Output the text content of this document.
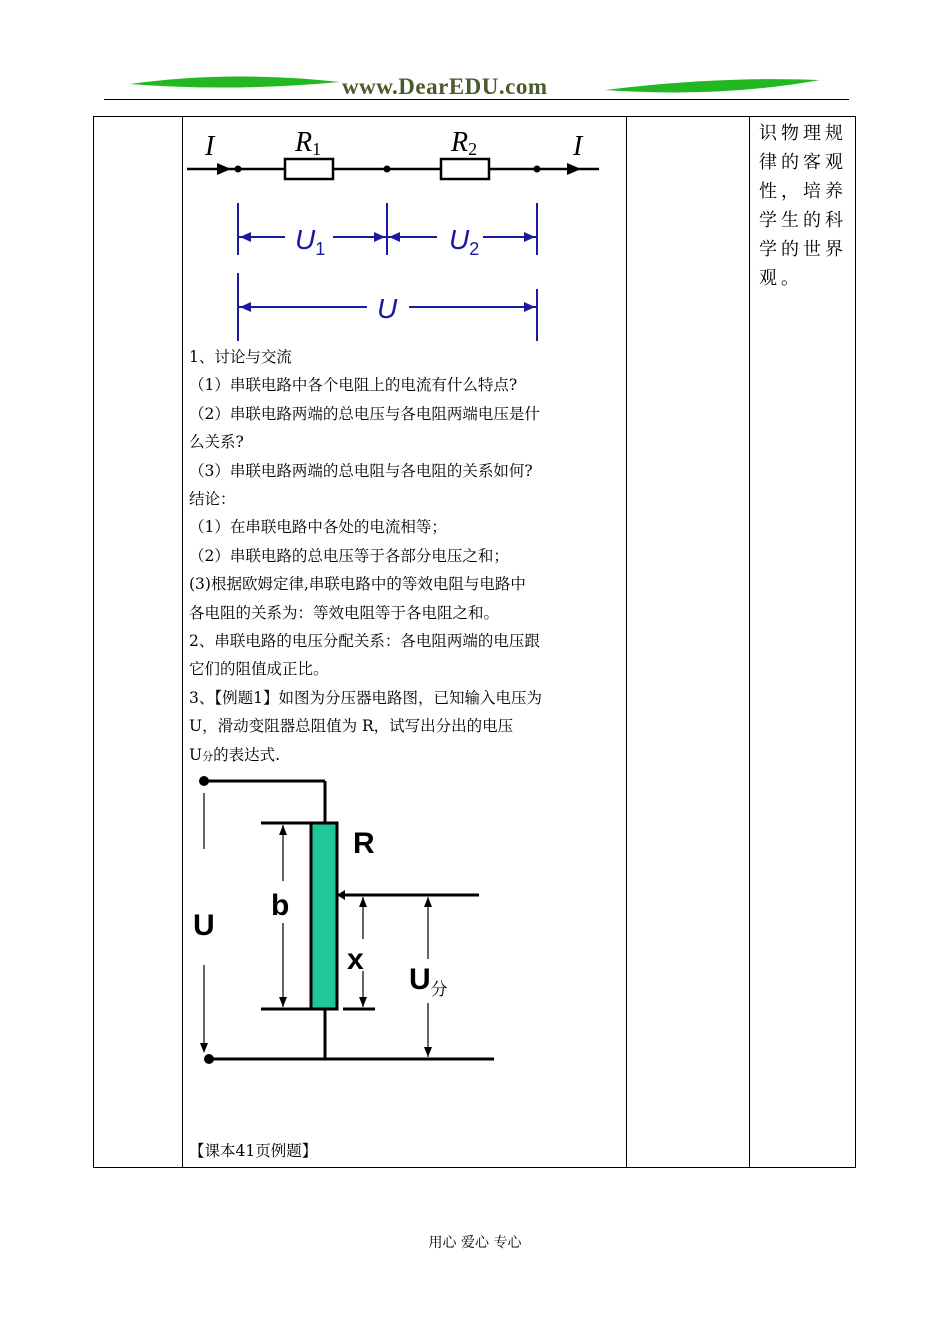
www.DearEDU.com

I	I
R1	R2
$U_1$	$U_2$
U

1、讨论与交流

（1）串联电路中各个电阻上的电流有什么特点?

（2）串联电路两端的总电压与各电阻两端电压是什

么关系?

（3）串联电路两端的总电阻与各电阻的关系如何?

结论：

（1）在串联电路中各处的电流相等；

（2）串联电路的总电压等于各部分电压之和；

(3)根据欧姆定律,串联电路中的等效电阻与电路中

各电阻的关系为：等效电阻等于各电阻之和。

2、串联电路的电压分配关系：各电阻两端的电压跟

它们的阻值成正比。

3、【例题1】如图为分压器电路图，已知输入电压为

U，滑动变阻器总阻值为 R，试写出分出的电压

U分的表达式.

R
b
U
x
$U_分$
【课本41页例题】

识物理规律的客观性，培养学生的科学的世界观。
用心 爱心 专心
